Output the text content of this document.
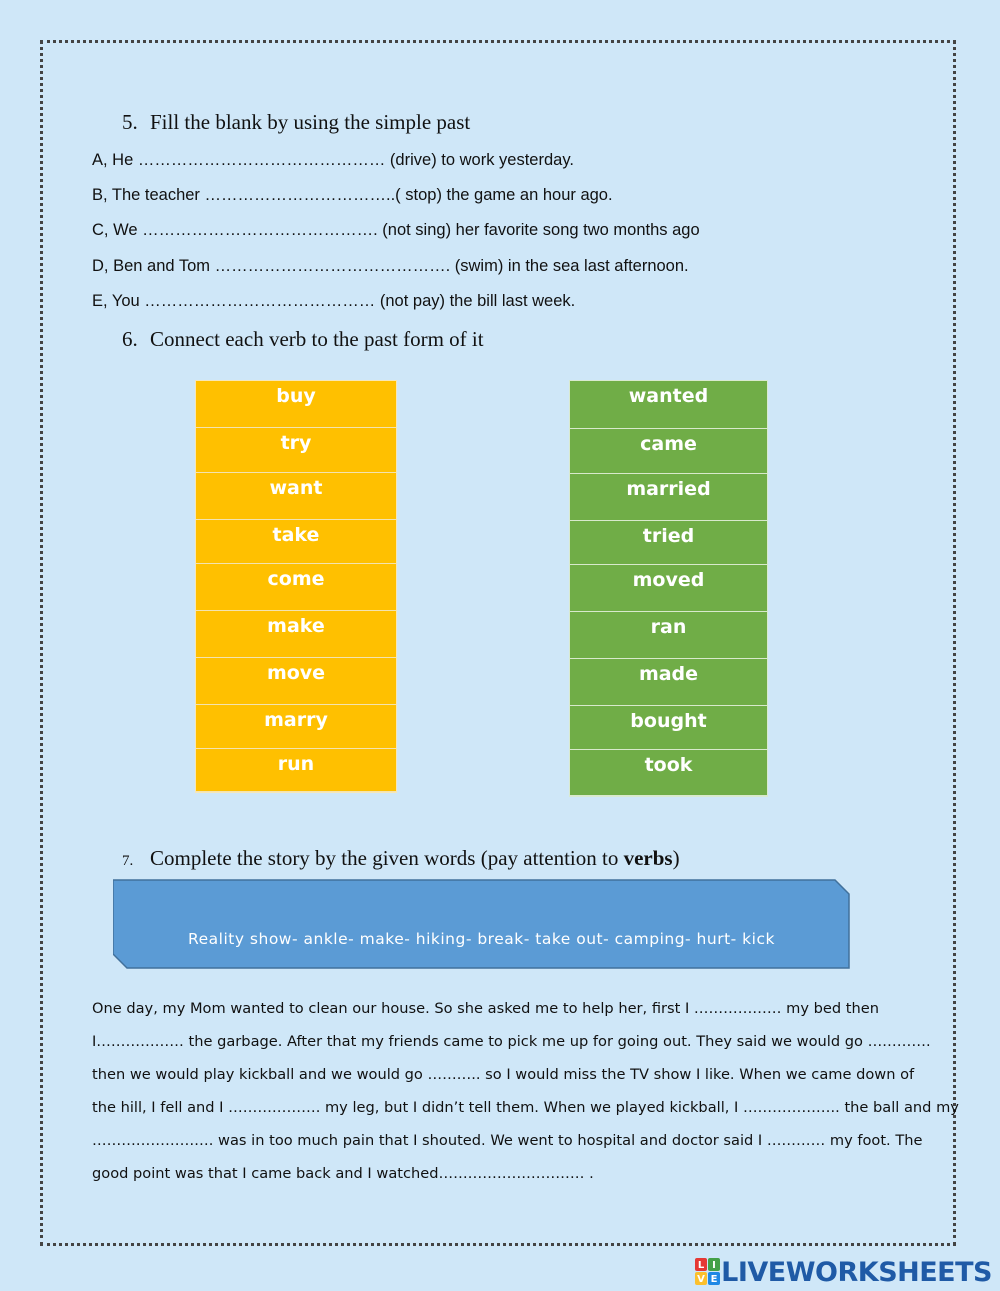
5. Fill the blank by using the simple past
A, He ……………………………………… (drive) to work yesterday.
B, The teacher ……………………………..( stop) the game an hour ago.
C, We ……………………………………. (not sing) her favorite song two months ago
D, Ben and Tom ……………………………………. (swim) in the sea last afternoon.
E, You …………………………………… (not pay) the bill last week.
6. Connect each verb to the past form of it
buy
try
want
take
come
make
move
marry
run
wanted
came
married
tried
moved
ran
made
bought
took
7. Complete the story by the given words (pay attention to verbs)
Reality show- ankle- make- hiking- break- take out- camping- hurt- kick

One day, my Mom wanted to clean our house. So she asked me to help her, first I ……………… my bed then

I……………… the garbage. After that my friends came to pick me up for going out. They said we would go ………….

then we would play kickball and we would go ……….. so I would miss the TV show I like. When we came down of

the hill, I fell and I ………………. my leg, but I didn’t tell them. When we played kickball, I ……………….. the ball and my

……………………. was in too much pain that I shouted. We went to hospital and doctor said I ………… my foot. The

good point was that I came back and I watched………………………… .

L I
V E LIVEWORKSHEETS
